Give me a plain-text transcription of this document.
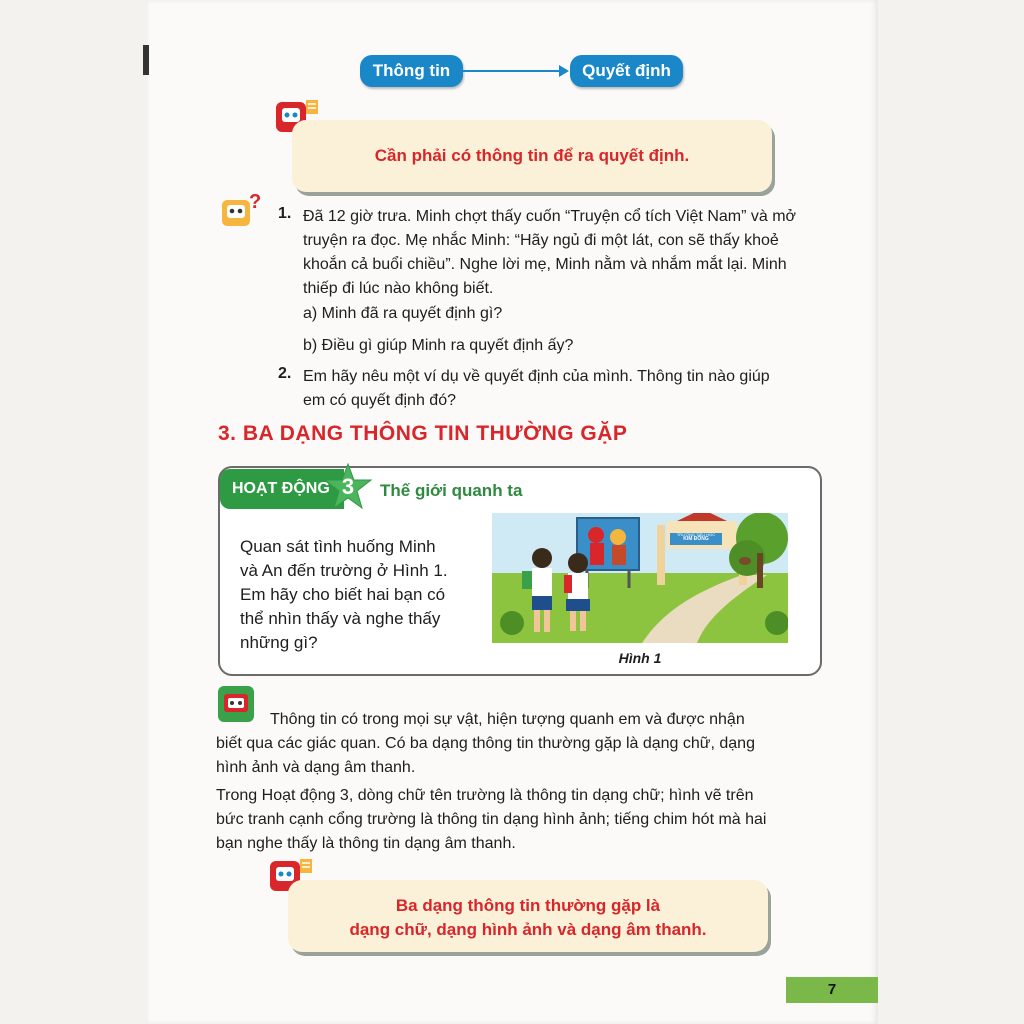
Thông tin	Quyết định
Cần phải có thông tin để ra quyết định.
?
1. Đã 12 giờ trưa. Minh chợt thấy cuốn “Truyện cổ tích Việt Nam” và mở
truyện ra đọc. Mẹ nhắc Minh: “Hãy ngủ đi một lát, con sẽ thấy khoẻ
khoắn cả buổi chiều”. Nghe lời mẹ, Minh nằm và nhắm mắt lại. Minh
thiếp đi lúc nào không biết.
a) Minh đã ra quyết định gì?
b) Điều gì giúp Minh ra quyết định ấy?
2. Em hãy nêu một ví dụ về quyết định của mình. Thông tin nào giúp
em có quyết định đó?
3. BA DẠNG THÔNG TIN THƯỜNG GẶP
HOẠT ĐỘNG 3	Thế giới quanh ta
Quan sát tình huống Minh
và An đến trường ở Hình 1.
Em hãy cho biết hai bạn có
thể nhìn thấy và nghe thấy
những gì?
TRƯỜNG TIỂU HỌC
KIM ĐỒNG
Hình 1
Thông tin có trong mọi sự vật, hiện tượng quanh em và được nhận
biết qua các giác quan. Có ba dạng thông tin thường gặp là dạng chữ, dạng
hình ảnh và dạng âm thanh.
Trong Hoạt động 3, dòng chữ tên trường là thông tin dạng chữ; hình vẽ trên
bức tranh cạnh cổng trường là thông tin dạng hình ảnh; tiếng chim hót mà hai
bạn nghe thấy là thông tin dạng âm thanh.
Ba dạng thông tin thường gặp là
dạng chữ, dạng hình ảnh và dạng âm thanh.
7
